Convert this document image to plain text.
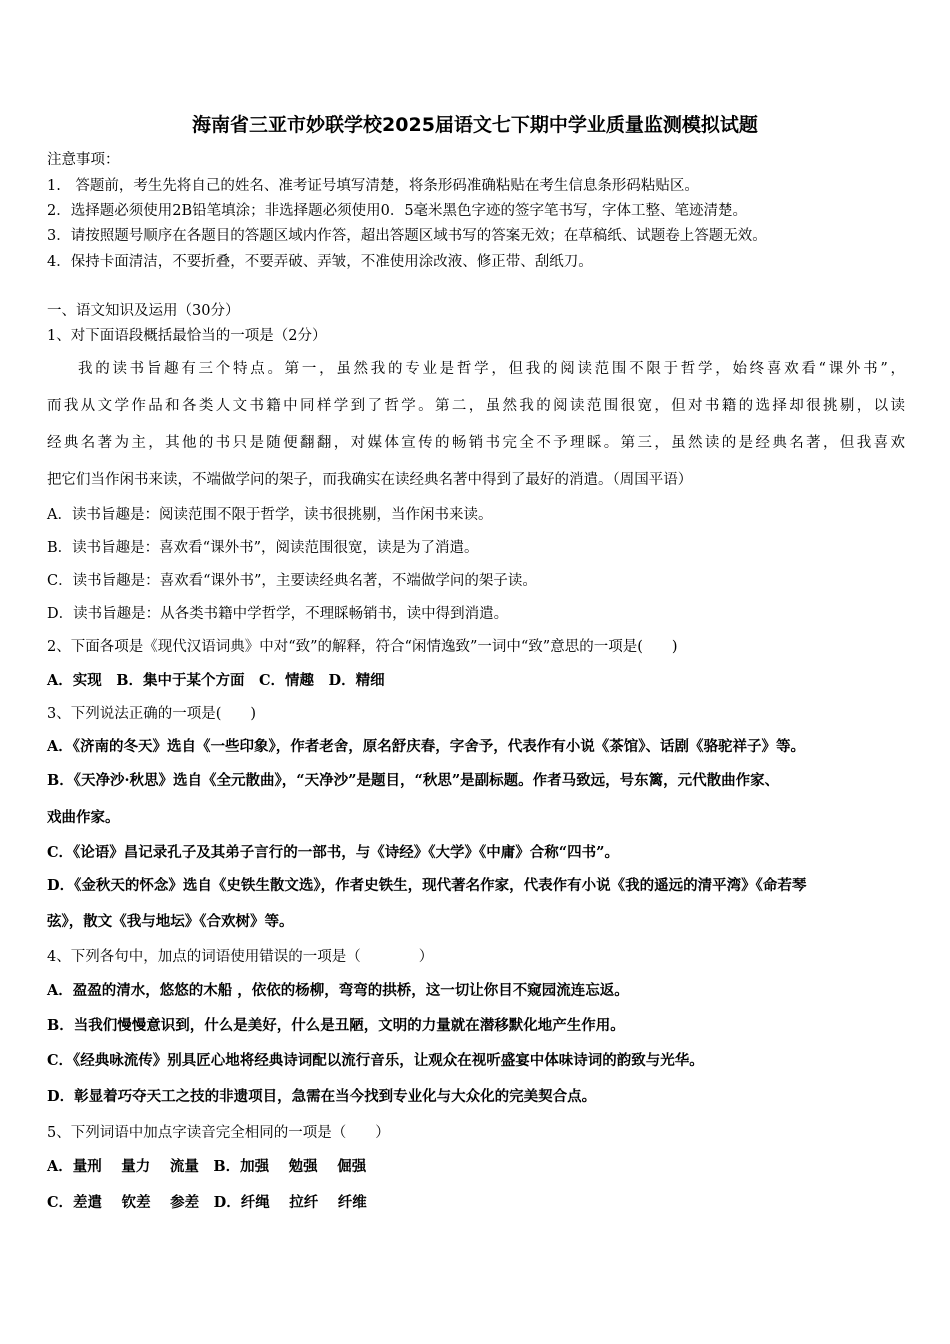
海南省三亚市妙联学校2025届语文七下期中学业质量监测模拟试题
注意事项：
1.　答题前，考生先将自己的姓名、准考证号填写清楚，将条形码准确粘贴在考生信息条形码粘贴区。
2．选择题必须使用2B铅笔填涂；非选择题必须使用0．5毫米黑色字迹的签字笔书写，字体工整、笔迹清楚。
3．请按照题号顺序在各题目的答题区域内作答，超出答题区域书写的答案无效；在草稿纸、试题卷上答题无效。
4．保持卡面清洁，不要折叠，不要弄破、弄皱，不准使用涂改液、修正带、刮纸刀。
一、语文知识及运用（30分）
1、对下面语段概括最恰当的一项是（2分）
我的读书旨趣有三个特点。第一，虽然我的专业是哲学，但我的阅读范围不限于哲学，始终喜欢看“课外书”，
而我从文学作品和各类人文书籍中同样学到了哲学。第二，虽然我的阅读范围很宽，但对书籍的选择却很挑剔，以读
经典名著为主，其他的书只是随便翻翻，对媒体宣传的畅销书完全不予理睬。第三，虽然读的是经典名著，但我喜欢
把它们当作闲书来读，不端做学问的架子，而我确实在读经典名著中得到了最好的消遣。（周国平语）
A．读书旨趣是：阅读范围不限于哲学，读书很挑剔，当作闲书来读。
B．读书旨趣是：喜欢看“课外书”，阅读范围很宽，读是为了消遣。
C．读书旨趣是：喜欢看“课外书”，主要读经典名著，不端做学问的架子读。
D．读书旨趣是：从各类书籍中学哲学，不理睬畅销书，读中得到消遣。
2、下面各项是《现代汉语词典》中对“致”的解释，符合“闲情逸致”一词中“致”意思的一项是(　　)
A．实现　B．集中于某个方面　C．情趣　D．精细
3、下列说法正确的一项是(　　)
A．《济南的冬天》选自《一些印象》，作者老舍，原名舒庆春，字舍予，代表作有小说《茶馆》、话剧《骆驼祥子》等。
B．《天净沙·秋思》选自《全元散曲》，“天净沙”是题目，“秋思”是副标题。作者马致远，号东篱，元代散曲作家、
戏曲作家。
C．《论语》昌记录孔子及其弟子言行的一部书，与《诗经》《大学》《中庸》合称“四书”。
D．《金秋天的怀念》选自《史铁生散文选》，作者史铁生，现代著名作家，代表作有小说《我的遥远的清平湾》《命若琴
弦》，散文《我与地坛》《合欢树》等。
4、下列各句中，加点的词语使用错误的一项是（　　　　）
A．盈盈的清水，悠悠的木船 ，依依的杨柳，弯弯的拱桥，这一切让你目不窥园流连忘返。
B．当我们慢慢意识到，什么是美好，什么是丑陋，文明的力量就在潜移默化地产生作用。
C．《经典咏流传》别具匠心地将经典诗词配以流行音乐，让观众在视听盛宴中体味诗词的韵致与光华。
D．彰显着巧夺天工之技的非遗项目，急需在当今找到专业化与大众化的完美契合点。
5、下列词语中加点字读音完全相同的一项是（　　）
A．量刑　 量力　 流量　B．加强　 勉强　 倔强
C．差遣　 钦差　 参差　D．纤绳　 拉纤　 纤维
